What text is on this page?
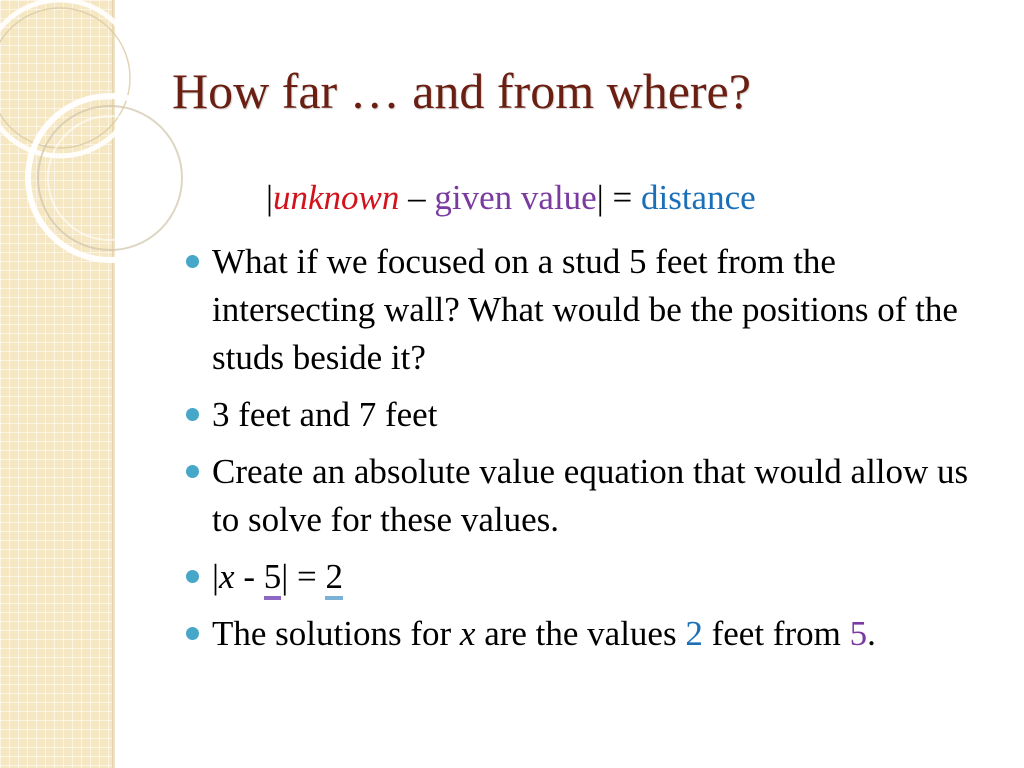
How far … and from where?
|unknown – given value| = distance
What if we focused on a stud 5 feet from the intersecting wall? What would be the positions of the studs beside it?
3 feet and 7 feet
Create an absolute value equation that would allow us to solve for these values.
|x - 5| = 2
The solutions for x are the values 2 feet from 5.
